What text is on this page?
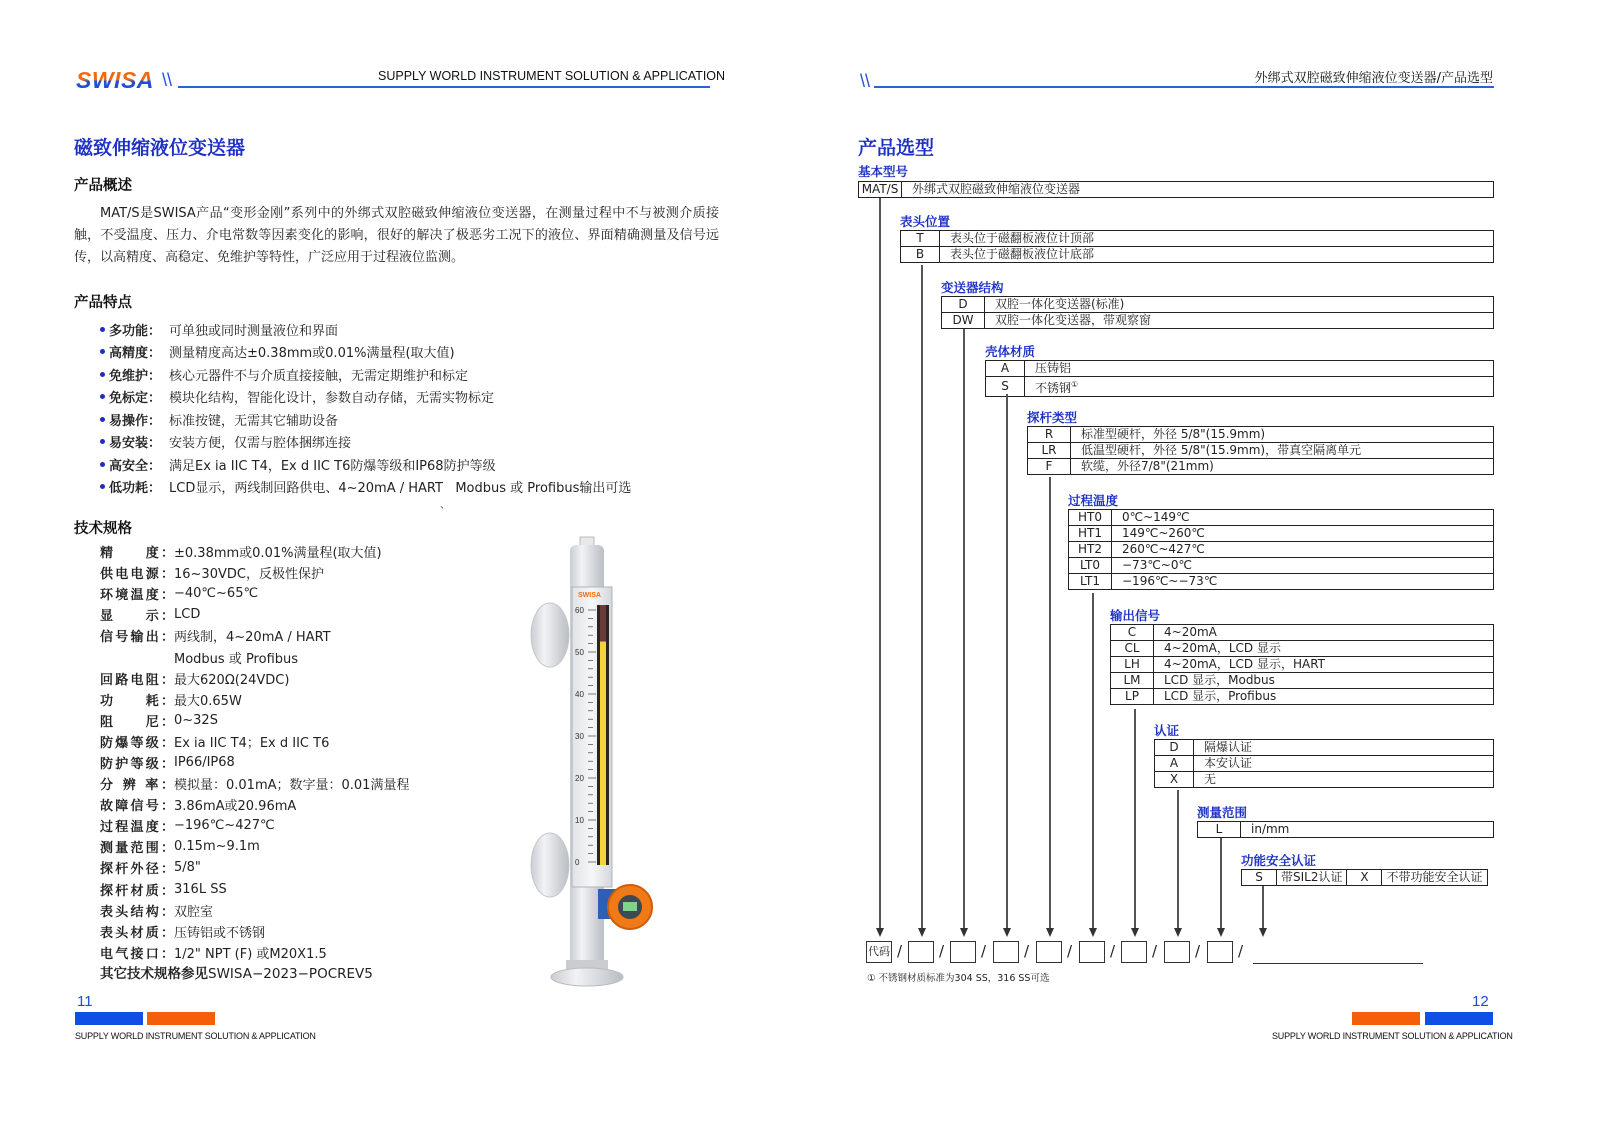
SWISA \\	SUPPLY WORLD INSTRUMENT SOLUTION & APPLICATION
磁致伸缩液位变送器
产品概述

MAT/S是SWISA产品“变形金刚”系列中的外绑式双腔磁致伸缩液位变送器，在测量过程中不与被测介质接触，不受温度、压力、介电常数等因素变化的影响，很好的解决了极恶劣工况下的液位、界面精确测量及信号远传，以高精度、高稳定、免维护等特性，广泛应用于过程液位监测。

产品特点
多功能： 可单独或同时测量液位和界面
高精度： 测量精度高达±0.38mm或0.01%满量程(取大值)
免维护： 核心元器件不与介质直接接触，无需定期维护和标定
免标定： 模块化结构，智能化设计，参数自动存储，无需实物标定
易操作： 标准按键，无需其它辅助设备
易安装： 安装方便，仅需与腔体捆绑连接
高安全： 满足Ex ia IIC T4，Ex d IIC T6防爆等级和IP68防护等级
低功耗： LCD显示，两线制回路供电、4~20mA / HART   Modbus 或 Profibus输出可选
、
技术规格
精　　度： ±0.38mm或0.01%满量程(取大值)
供电电源： 16~30VDC，反极性保护
环境温度： −40℃~65℃
显　　示： LCD
信号输出： 两线制，4~20mA / HART
Modbus 或 Profibus
回路电阻： 最大620Ω(24VDC)
功　　耗： 最大0.65W
阻　　尼： 0~32S
防爆等级： Ex ia IIC T4；Ex d IIC T6
防护等级： IP66/IP68
分 辨 率： 模拟量：0.01mA；数字量：0.01满量程
故障信号： 3.86mA或20.96mA
过程温度： −196℃~427℃
测量范围： 0.15m~9.1m
探杆外径： 5/8"
探杆材质： 316L SS
表头结构： 双腔室
表头材质： 压铸铝或不锈钢
电气接口： 1/2" NPT (F) 或M20X1.5
其它技术规格参见SWISA−2023−POCREV5
SWISA
60
50
40
30
20
10
0
11
SUPPLY WORLD INSTRUMENT SOLUTION & APPLICATION
\\	外绑式双腔磁致伸缩液位变送器/产品选型
产品选型
基本型号
MAT/S	外绑式双腔磁致伸缩液位变送器
表头位置
T	表头位于磁翻板液位计顶部
B	表头位于磁翻板液位计底部
变送器结构
D	双腔一体化变送器(标准)
DW	双腔一体化变送器，带观察窗
壳体材质
A	压铸铝
S	不锈钢①
探杆类型
R	标准型硬杆，外径 5/8"(15.9mm)
LR	低温型硬杆，外径 5/8"(15.9mm)，带真空隔离单元
F	软缆，外径7/8"(21mm)
过程温度
HT0	0℃~149℃
HT1	149℃~260℃
HT2	260℃~427℃
LT0	−73℃~0℃
LT1	−196℃~−73℃
输出信号
C	4~20mA
CL	4~20mA，LCD 显示
LH	4~20mA，LCD 显示，HART
LM	LCD 显示，Modbus
LP	LCD 显示，Profibus
认证
D	隔爆认证
A	本安认证
X	无
测量范围
L	in/mm
功能安全认证
S	带SIL2认证	X	不带功能安全认证
代码 / / /	/	/	/ /	/	/
① 不锈钢材质标准为304 SS，316 SS可选
12
SUPPLY WORLD INSTRUMENT SOLUTION & APPLICATION
